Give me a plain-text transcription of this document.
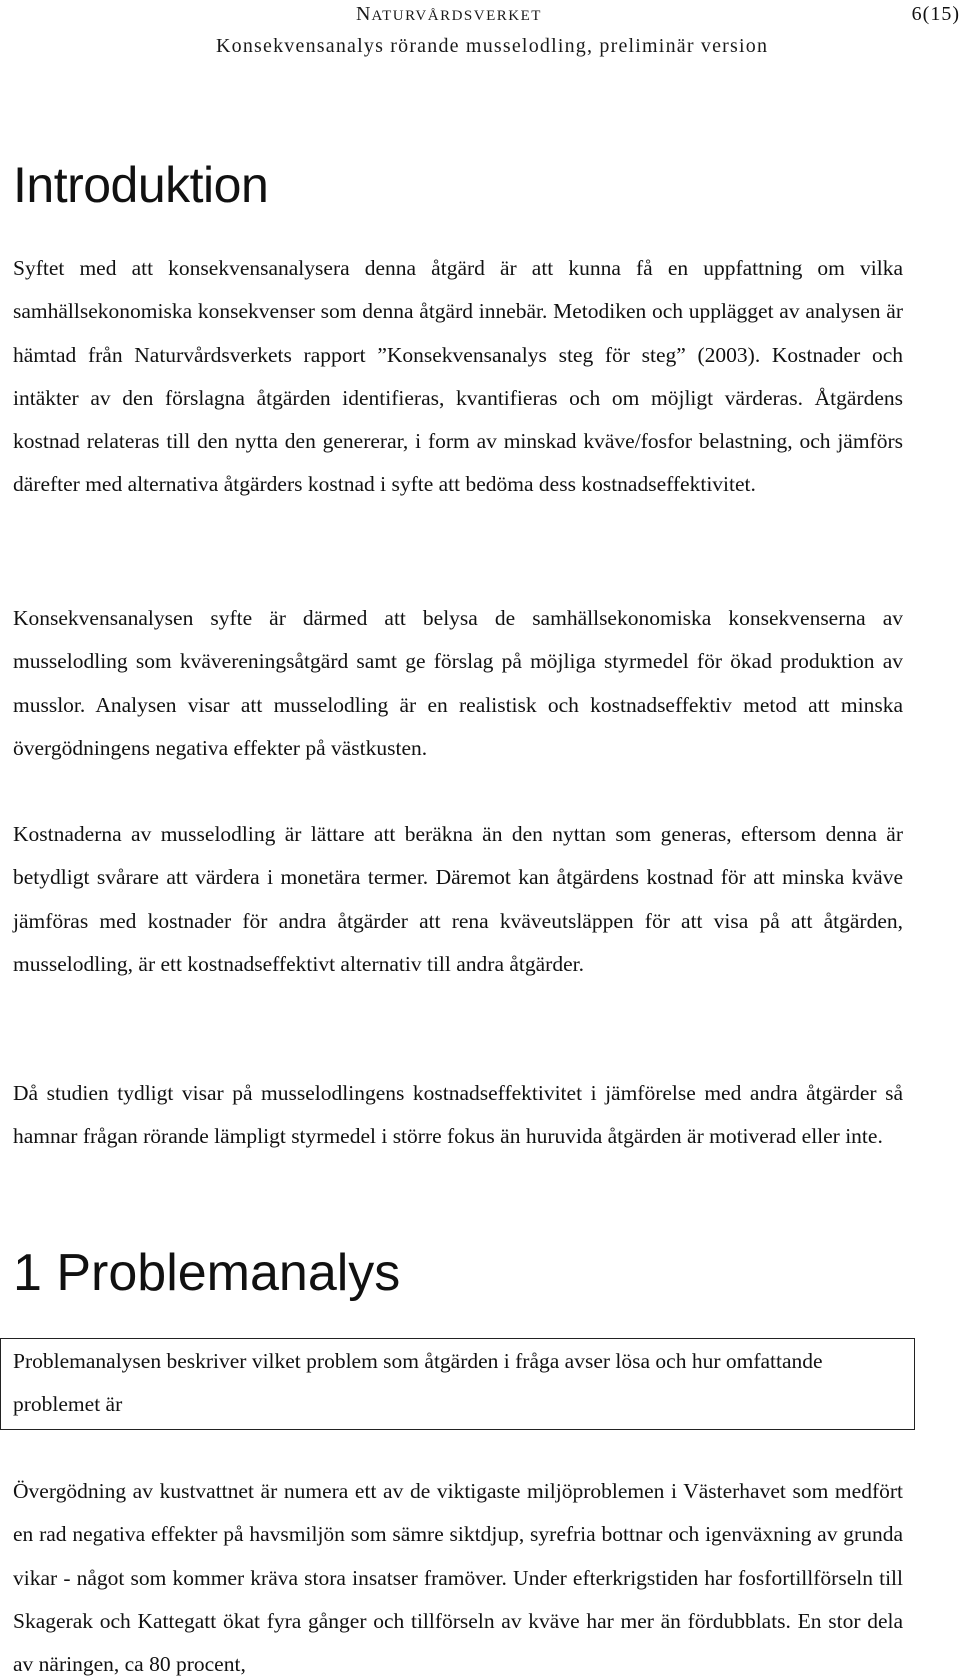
NATURVÅRDSVERKET	6(15)
Konsekvensanalys rörande musselodling, preliminär version
Introduktion

Syftet med att konsekvensanalysera denna åtgärd är att kunna få en uppfattning om vilka samhällsekonomiska konsekvenser som denna åtgärd innebär. Metodiken och upplägget av analysen är hämtad från Naturvårdsverkets rapport ”Konsekvensanalys steg för steg” (2003). Kostnader och intäkter av den förslagna åtgärden identifieras, kvantifieras och om möjligt värderas. Åtgärdens kostnad relateras till den nytta den genererar, i form av minskad kväve/fosfor belastning, och jämförs därefter med alternativa åtgärders kostnad i syfte att bedöma dess kostnadseffektivitet.

Konsekvensanalysen syfte är därmed att belysa de samhällsekonomiska konsekvenserna av musselodling som kvävereningsåtgärd samt ge förslag på möjliga styrmedel för ökad produktion av musslor. Analysen visar att musselodling är en realistisk och kostnadseffektiv metod att minska övergödningens negativa effekter på västkusten.

Kostnaderna av musselodling är lättare att beräkna än den nyttan som generas, eftersom denna är betydligt svårare att värdera i monetära termer. Däremot kan åtgärdens kostnad för att minska kväve jämföras med kostnader för andra åtgärder att rena kväveutsläppen för att visa på att åtgärden, musselodling, är ett kostnadseffektivt alternativ till andra åtgärder.

Då studien tydligt visar på musselodlingens kostnadseffektivitet i jämförelse med andra åtgärder så hamnar frågan rörande lämpligt styrmedel i större fokus än huruvida åtgärden är motiverad eller inte.

1 Problemanalys

Problemanalysen beskriver vilket problem som åtgärden i fråga avser lösa och hur omfattande problemet är

Övergödning av kustvattnet är numera ett av de viktigaste miljöproblemen i Västerhavet som medfört en rad negativa effekter på havsmiljön som sämre siktdjup, syrefria bottnar och igenväxning av grunda vikar - något som kommer kräva stora insatser framöver. Under efterkrigstiden har fosfortillförseln till Skagerak och Kattegatt ökat fyra gånger och tillförseln av kväve har mer än fördubblats. En stor dela av näringen, ca 80 procent,
